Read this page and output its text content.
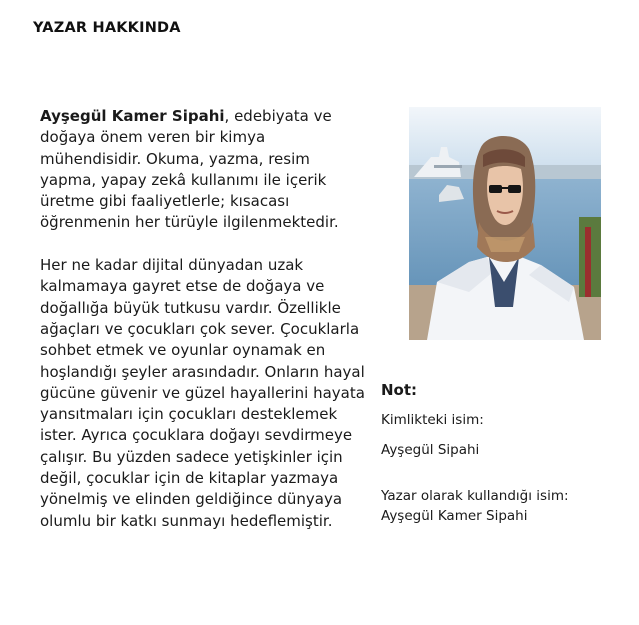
YAZAR HAKKINDA

Ayşegül Kamer Sipahi, edebiyata ve doğaya önem veren bir kimya mühendisidir. Okuma, yazma, resim yapma, yapay zekâ kullanımı ile içerik üretme gibi faaliyetlerle; kısacası öğrenmenin her türüyle ilgilenmektedir.

Her ne kadar dijital dünyadan uzak kalmamaya gayret etse de doğaya ve doğallığa büyük tutkusu vardır. Özellikle ağaçları ve çocukları çok sever. Çocuklarla sohbet etmek ve oyunlar oynamak en hoşlandığı şeyler arasındadır. Onların hayal gücüne güvenir ve güzel hayallerini hayata yansıtmaları için çocukları desteklemek ister. Ayrıca çocuklara doğayı sevdirmeye çalışır. Bu yüzden sadece yetişkinler için değil, çocuklar için de kitaplar yazmaya yönelmiş ve elinden geldiğince dünyaya olumlu bir katkı sunmayı hedeflemiştir.

Not:

Kimlikteki isim:

Ayşegül Sipahi

Yazar olarak kullandığı isim:

Ayşegül Kamer Sipahi
